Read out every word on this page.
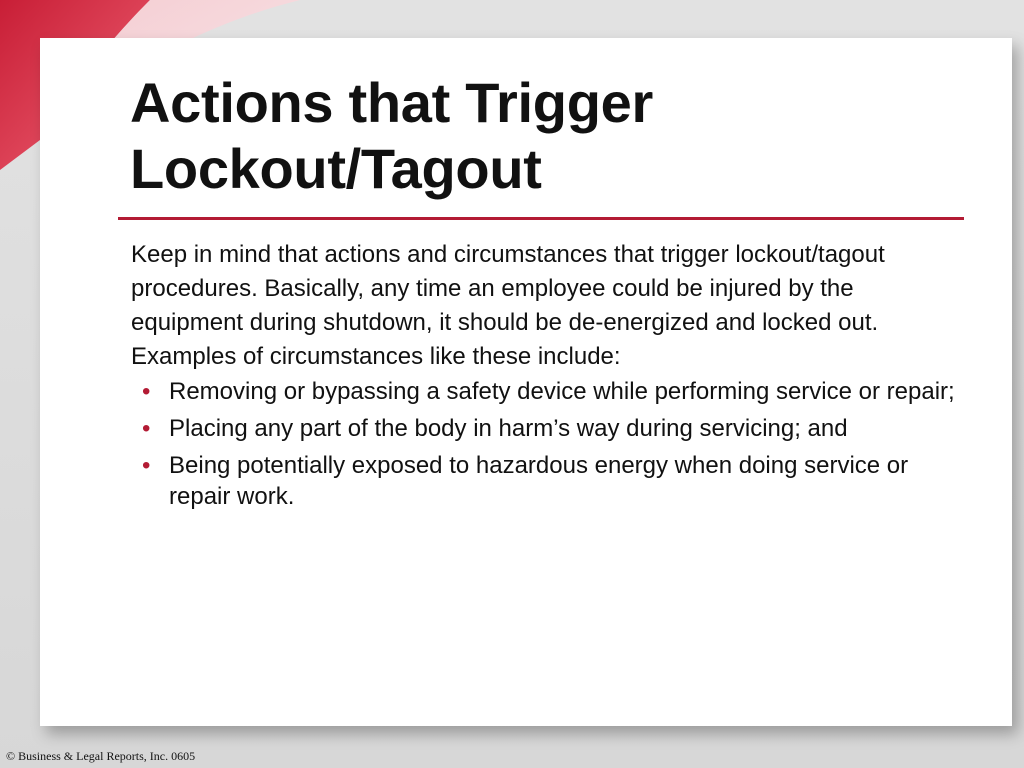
Actions that Trigger
Lockout/Tagout

Keep in mind that actions and circumstances that trigger lockout/tagout procedures. Basically, any time an employee could be injured by the equipment during shutdown, it should be de-energized and locked out. Examples of circumstances like these include:

• Removing or bypassing a safety device while performing service or repair;
• Placing any part of the body in harm’s way during servicing; and
• Being potentially exposed to hazardous energy when doing service or repair work.
© Business & Legal Reports, Inc. 0605
